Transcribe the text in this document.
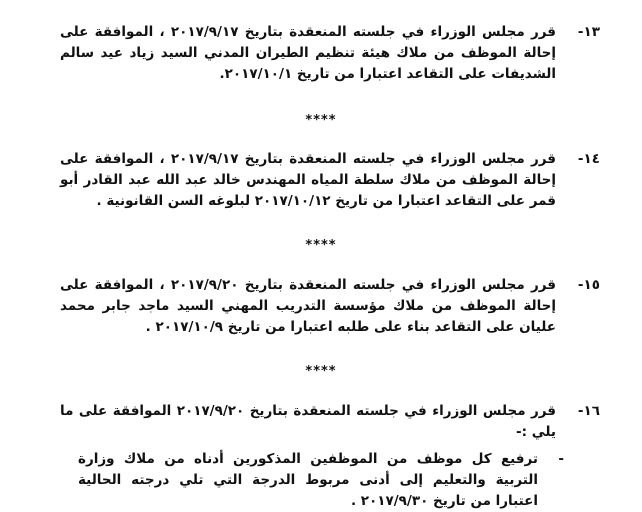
١٣-
قرر مجلس الوزراء في جلسته المنعقدة بتاريخ ٢٠١٧/٩/١٧ ، الموافقة على إحالة الموظف من ملاك هيئة تنظيم الطيران المدني السيد زياد عيد سالم الشديفات على التقاعد اعتبارا من تاريخ ٢٠١٧/١٠/١.
****
١٤-
قرر مجلس الوزراء في جلسته المنعقدة بتاريخ ٢٠١٧/٩/١٧ ، الموافقة على إحالة الموظف من ملاك سلطة المياه المهندس خالد عبد الله عبد القادر أبو قمر على التقاعد اعتبارا من تاريخ ٢٠١٧/١٠/١٢ لبلوغه السن القانونية .
****
١٥-
قرر مجلس الوزراء في جلسته المنعقدة بتاريخ ٢٠١٧/٩/٢٠ ، الموافقة على إحالة الموظف من ملاك مؤسسة التدريب المهني السيد ماجد جابر محمد عليان على التقاعد بناء على طلبه اعتبارا من تاريخ ٢٠١٧/١٠/٩ .
****
١٦-
قرر مجلس الوزراء في جلسته المنعقدة بتاريخ ٢٠١٧/٩/٢٠ الموافقة على ما يلي :-
-
ترفيع كل موظف من الموظفين المذكورين أدناه من ملاك وزارة التربية والتعليم إلى أدنى مربوط الدرجة التي تلي درجته الحالية اعتبارا من تاريخ ٢٠١٧/٩/٣٠ .
